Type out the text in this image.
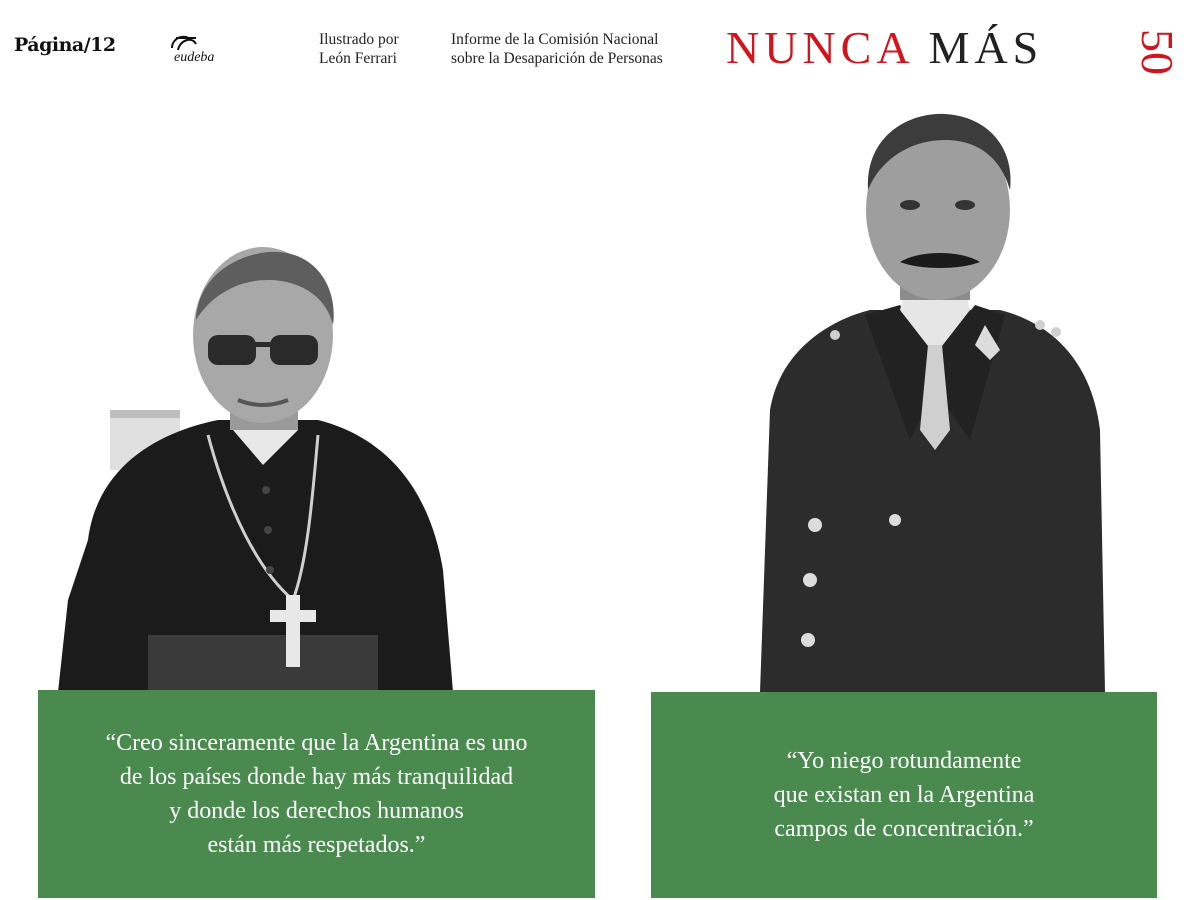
Página/12
eudeba
Ilustrado por
León Ferrari
Informe de la Comisión Nacional
sobre la Desaparición de Personas NUNCA MÁS 50
“Creo sinceramente que la Argentina es uno
de los países donde hay más tranquilidad
y donde los derechos humanos
están más respetados.”
“Yo niego rotundamente
que existan en la Argentina
campos de concentración.”
